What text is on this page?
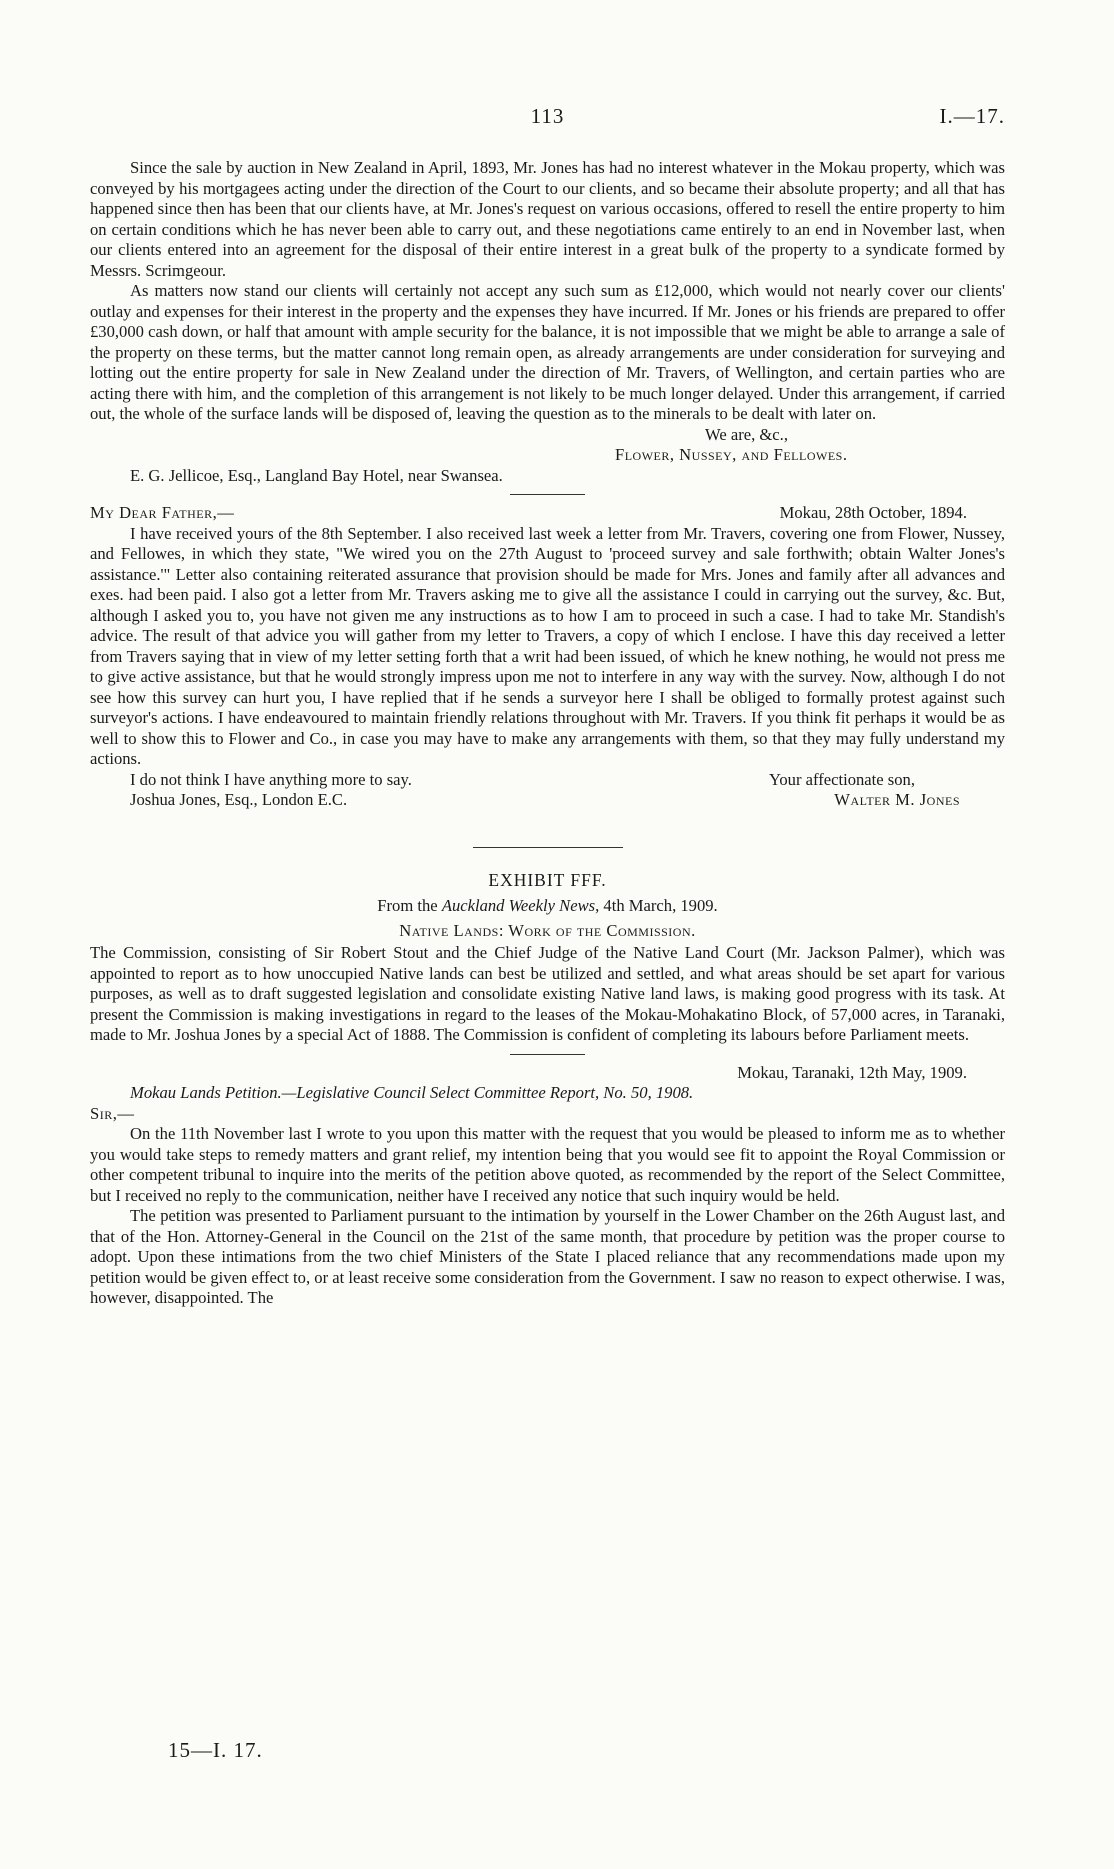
113	I.—17.

Since the sale by auction in New Zealand in April, 1893, Mr. Jones has had no interest whatever in the Mokau property, which was conveyed by his mortgagees acting under the direction of the Court to our clients, and so became their absolute property; and all that has happened since then has been that our clients have, at Mr. Jones's request on various occasions, offered to resell the entire property to him on certain conditions which he has never been able to carry out, and these negotiations came entirely to an end in November last, when our clients entered into an agreement for the disposal of their entire interest in a great bulk of the property to a syndicate formed by Messrs. Scrimgeour.

As matters now stand our clients will certainly not accept any such sum as £12,000, which would not nearly cover our clients' outlay and expenses for their interest in the property and the expenses they have incurred. If Mr. Jones or his friends are prepared to offer £30,000 cash down, or half that amount with ample security for the balance, it is not impossible that we might be able to arrange a sale of the property on these terms, but the matter cannot long remain open, as already arrangements are under consideration for surveying and lotting out the entire property for sale in New Zealand under the direction of Mr. Travers, of Wellington, and certain parties who are acting there with him, and the completion of this arrangement is not likely to be much longer delayed. Under this arrangement, if carried out, the whole of the surface lands will be disposed of, leaving the question as to the minerals to be dealt with later on.

We are, &c.,

Flower, Nussey, and Fellowes.

E. G. Jellicoe, Esq., Langland Bay Hotel, near Swansea.

My Dear Father,—	Mokau, 28th October, 1894.

I have received yours of the 8th September. I also received last week a letter from Mr. Travers, covering one from Flower, Nussey, and Fellowes, in which they state, "We wired you on the 27th August to 'proceed survey and sale forthwith; obtain Walter Jones's assistance.'" Letter also containing reiterated assurance that provision should be made for Mrs. Jones and family after all advances and exes. had been paid. I also got a letter from Mr. Travers asking me to give all the assistance I could in carrying out the survey, &c. But, although I asked you to, you have not given me any instructions as to how I am to proceed in such a case. I had to take Mr. Standish's advice. The result of that advice you will gather from my letter to Travers, a copy of which I enclose. I have this day received a letter from Travers saying that in view of my letter setting forth that a writ had been issued, of which he knew nothing, he would not press me to give active assistance, but that he would strongly impress upon me not to interfere in any way with the survey. Now, although I do not see how this survey can hurt you, I have replied that if he sends a surveyor here I shall be obliged to formally protest against such surveyor's actions. I have endeavoured to maintain friendly relations throughout with Mr. Travers. If you think fit perhaps it would be as well to show this to Flower and Co., in case you may have to make any arrangements with them, so that they may fully understand my actions.

I do not think I have anything more to say.	Your affectionate son,
Joshua Jones, Esq., London E.C.	Walter M. Jones

EXHIBIT FFF.

From the Auckland Weekly News, 4th March, 1909.

Native Lands: Work of the Commission.

The Commission, consisting of Sir Robert Stout and the Chief Judge of the Native Land Court (Mr. Jackson Palmer), which was appointed to report as to how unoccupied Native lands can best be utilized and settled, and what areas should be set apart for various purposes, as well as to draft suggested legislation and consolidate existing Native land laws, is making good progress with its task. At present the Commission is making investigations in regard to the leases of the Mokau-Mohakatino Block, of 57,000 acres, in Taranaki, made to Mr. Joshua Jones by a special Act of 1888. The Commission is confident of completing its labours before Parliament meets.

Mokau, Taranaki, 12th May, 1909.

Mokau Lands Petition.—Legislative Council Select Committee Report, No. 50, 1908.

Sir,—

On the 11th November last I wrote to you upon this matter with the request that you would be pleased to inform me as to whether you would take steps to remedy matters and grant relief, my intention being that you would see fit to appoint the Royal Commission or other competent tribunal to inquire into the merits of the petition above quoted, as recommended by the report of the Select Committee, but I received no reply to the communication, neither have I received any notice that such inquiry would be held.

The petition was presented to Parliament pursuant to the intimation by yourself in the Lower Chamber on the 26th August last, and that of the Hon. Attorney-General in the Council on the 21st of the same month, that procedure by petition was the proper course to adopt. Upon these intimations from the two chief Ministers of the State I placed reliance that any recommendations made upon my petition would be given effect to, or at least receive some consideration from the Government. I saw no reason to expect otherwise. I was, however, disappointed. The

15—I. 17.
